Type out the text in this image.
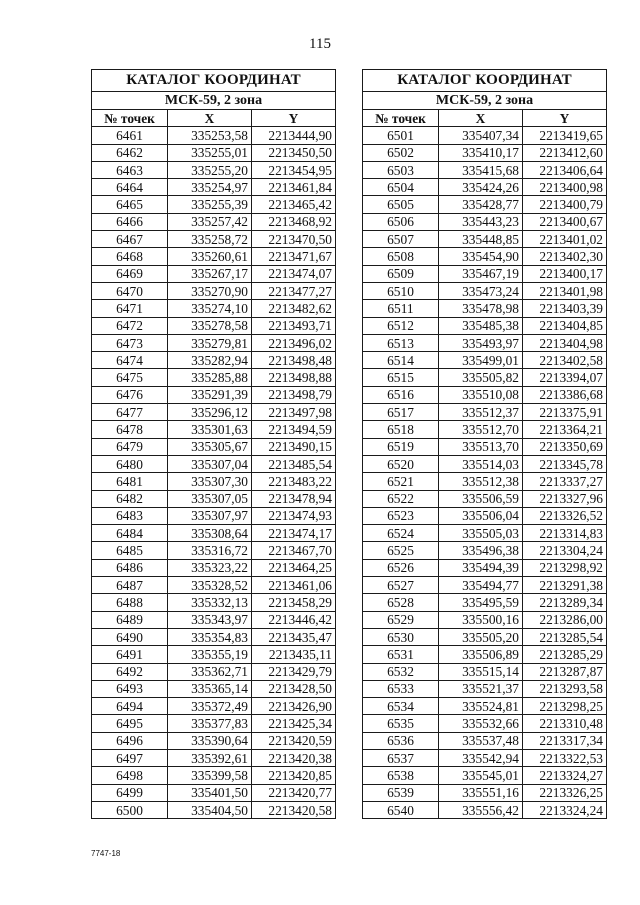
115
КАТАЛОГ КООРДИНАТ		
МСК-59, 2 зона		
№ точек	X	Y
6461	335253,58	2213444,90
6462	335255,01	2213450,50
6463	335255,20	2213454,95
6464	335254,97	2213461,84
6465	335255,39	2213465,42
6466	335257,42	2213468,92
6467	335258,72	2213470,50
6468	335260,61	2213471,67
6469	335267,17	2213474,07
6470	335270,90	2213477,27
6471	335274,10	2213482,62
6472	335278,58	2213493,71
6473	335279,81	2213496,02
6474	335282,94	2213498,48
6475	335285,88	2213498,88
6476	335291,39	2213498,79
6477	335296,12	2213497,98
6478	335301,63	2213494,59
6479	335305,67	2213490,15
6480	335307,04	2213485,54
6481	335307,30	2213483,22
6482	335307,05	2213478,94
6483	335307,97	2213474,93
6484	335308,64	2213474,17
6485	335316,72	2213467,70
6486	335323,22	2213464,25
6487	335328,52	2213461,06
6488	335332,13	2213458,29
6489	335343,97	2213446,42
6490	335354,83	2213435,47
6491	335355,19	2213435,11
6492	335362,71	2213429,79
6493	335365,14	2213428,50
6494	335372,49	2213426,90
6495	335377,83	2213425,34
6496	335390,64	2213420,59
6497	335392,61	2213420,38
6498	335399,58	2213420,85
6499	335401,50	2213420,77
6500	335404,50	2213420,58
КАТАЛОГ КООРДИНАТ		
МСК-59, 2 зона		
№ точек	X	Y
6501	335407,34	2213419,65
6502	335410,17	2213412,60
6503	335415,68	2213406,64
6504	335424,26	2213400,98
6505	335428,77	2213400,79
6506	335443,23	2213400,67
6507	335448,85	2213401,02
6508	335454,90	2213402,30
6509	335467,19	2213400,17
6510	335473,24	2213401,98
6511	335478,98	2213403,39
6512	335485,38	2213404,85
6513	335493,97	2213404,98
6514	335499,01	2213402,58
6515	335505,82	2213394,07
6516	335510,08	2213386,68
6517	335512,37	2213375,91
6518	335512,70	2213364,21
6519	335513,70	2213350,69
6520	335514,03	2213345,78
6521	335512,38	2213337,27
6522	335506,59	2213327,96
6523	335506,04	2213326,52
6524	335505,03	2213314,83
6525	335496,38	2213304,24
6526	335494,39	2213298,92
6527	335494,77	2213291,38
6528	335495,59	2213289,34
6529	335500,16	2213286,00
6530	335505,20	2213285,54
6531	335506,89	2213285,29
6532	335515,14	2213287,87
6533	335521,37	2213293,58
6534	335524,81	2213298,25
6535	335532,66	2213310,48
6536	335537,48	2213317,34
6537	335542,94	2213322,53
6538	335545,01	2213324,27
6539	335551,16	2213326,25
6540	335556,42	2213324,24
7747-18
